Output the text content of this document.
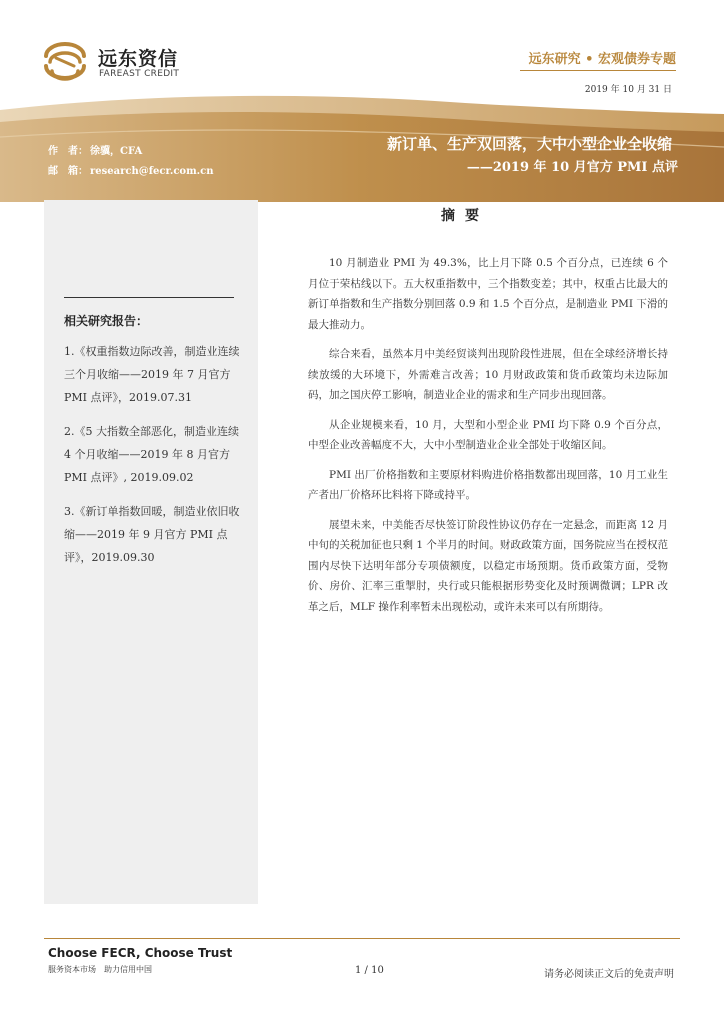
远东资信
FAREAST CREDIT
远东研究 • 宏观债券专题
2019 年 10 月 31 日
新订单、生产双回落，大中小型企业全收缩
——2019 年 10 月官方 PMI 点评
作　者： 徐骥，CFA
邮　箱： research@fecr.com.cn
相关研究报告：
1.《权重指数边际改善，制造业连续三个月收缩——2019 年 7 月官方 PMI 点评》，2019.07.31
2.《5 大指数全部恶化，制造业连续 4 个月收缩——2019 年 8 月官方 PMI 点评》, 2019.09.02
3.《新订单指数回暖，制造业依旧收缩——2019 年 9 月官方 PMI 点评》，2019.09.30
摘要

10 月制造业 PMI 为 49.3%，比上月下降 0.5 个百分点，已连续 6 个月位于荣枯线以下。五大权重指数中，三个指数变差；其中，权重占比最大的新订单指数和生产指数分别回落 0.9 和 1.5 个百分点，是制造业 PMI 下滑的最大推动力。

综合来看，虽然本月中美经贸谈判出现阶段性进展，但在全球经济增长持续放缓的大环境下，外需难言改善；10 月财政政策和货币政策均未边际加码，加之国庆停工影响，制造业企业的需求和生产同步出现回落。

从企业规模来看，10 月，大型和小型企业 PMI 均下降 0.9 个百分点，中型企业改善幅度不大，大中小型制造业企业全部处于收缩区间。

PMI 出厂价格指数和主要原材料购进价格指数都出现回落，10 月工业生产者出厂价格环比料将下降或持平。

展望未来，中美能否尽快签订阶段性协议仍存在一定悬念，而距离 12 月中旬的关税加征也只剩 1 个半月的时间。财政政策方面，国务院应当在授权范围内尽快下达明年部分专项债额度，以稳定市场预期。货币政策方面，受物价、房价、汇率三重掣肘，央行或只能根据形势变化及时预调微调；LPR 改革之后，MLF 操作利率暂未出现松动，或许未来可以有所期待。

Choose FECR, Choose Trust
服务资本市场　助力信用中国	1 / 10	请务必阅读正文后的免责声明
